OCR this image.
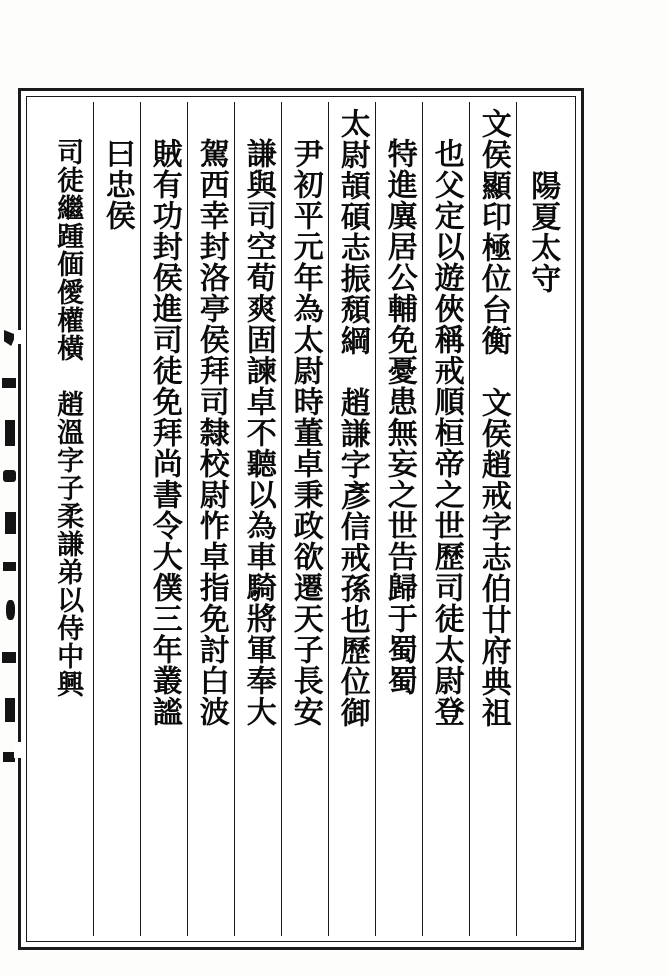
陽夏太守
文侯顯印極位台衡　文侯趙戒字志伯廿府典祖
也父定以遊俠稱戒順桓帝之世歷司徒太尉登
特進廙居公輔免憂患無妄之世告歸于蜀蜀
太尉頡碩志振頹綱　趙謙字彥信戒孫也歷位御
尹初平元年為太尉時董卓秉政欲遷天子長安
謙與司空荀爽固諫卓不聽以為車騎將軍奉大
駕西幸封洛亭侯拜司隸校尉怍卓指免討白波
賊有功封侯進司徒免拜尚書令大僕三年叢謐
曰忠侯
司徒繼踵偭僾權橫　趙溫字子柔謙弟以侍中興
